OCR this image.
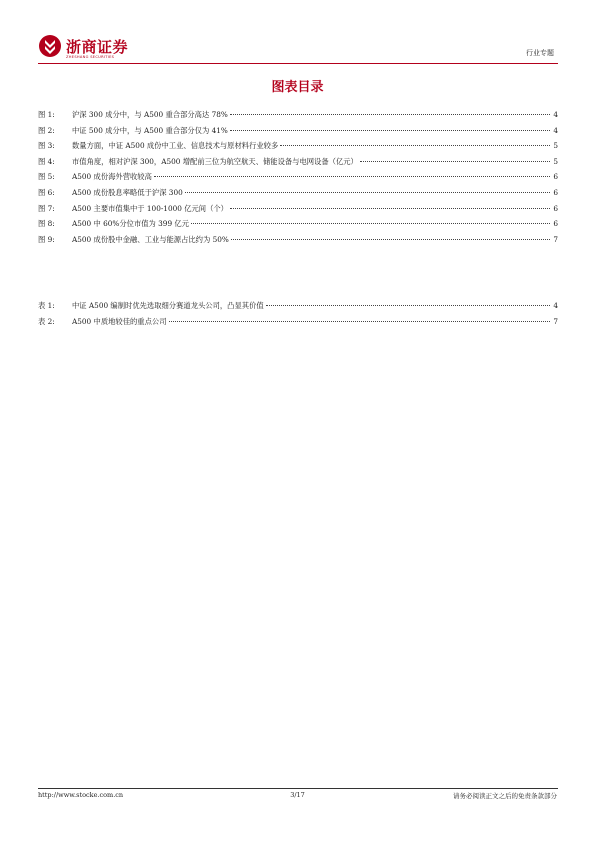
浙商证券
ZHESHANG SECURITIES	行业专题
图表目录
图 1:	沪深 300 成分中，与 A500 重合部分高达 78%	4
图 2:	中证 500 成分中，与 A500 重合部分仅为 41%	4
图 3:	数量方面，中证 A500 成份中工业、信息技术与原材料行业较多	5
图 4:	市值角度，相对沪深 300，A500 增配前三位为航空航天、储能设备与电网设备（亿元）	5
图 5:	A500 成份海外营收较高	6
图 6:	A500 成份股息率略低于沪深 300	6
图 7:	A500 主要市值集中于 100-1000 亿元间（个）	6
图 8:	A500 中 60%分位市值为 399 亿元	6
图 9:	A500 成份股中金融、工业与能源占比约为 50%	7
表 1:	中证 A500 编制时优先选取细分赛道龙头公司，凸显其价值	4
表 2:	A500 中质地较佳的重点公司	7
http://www.stocke.com.cn	3/17	请务必阅读正文之后的免责条款部分
